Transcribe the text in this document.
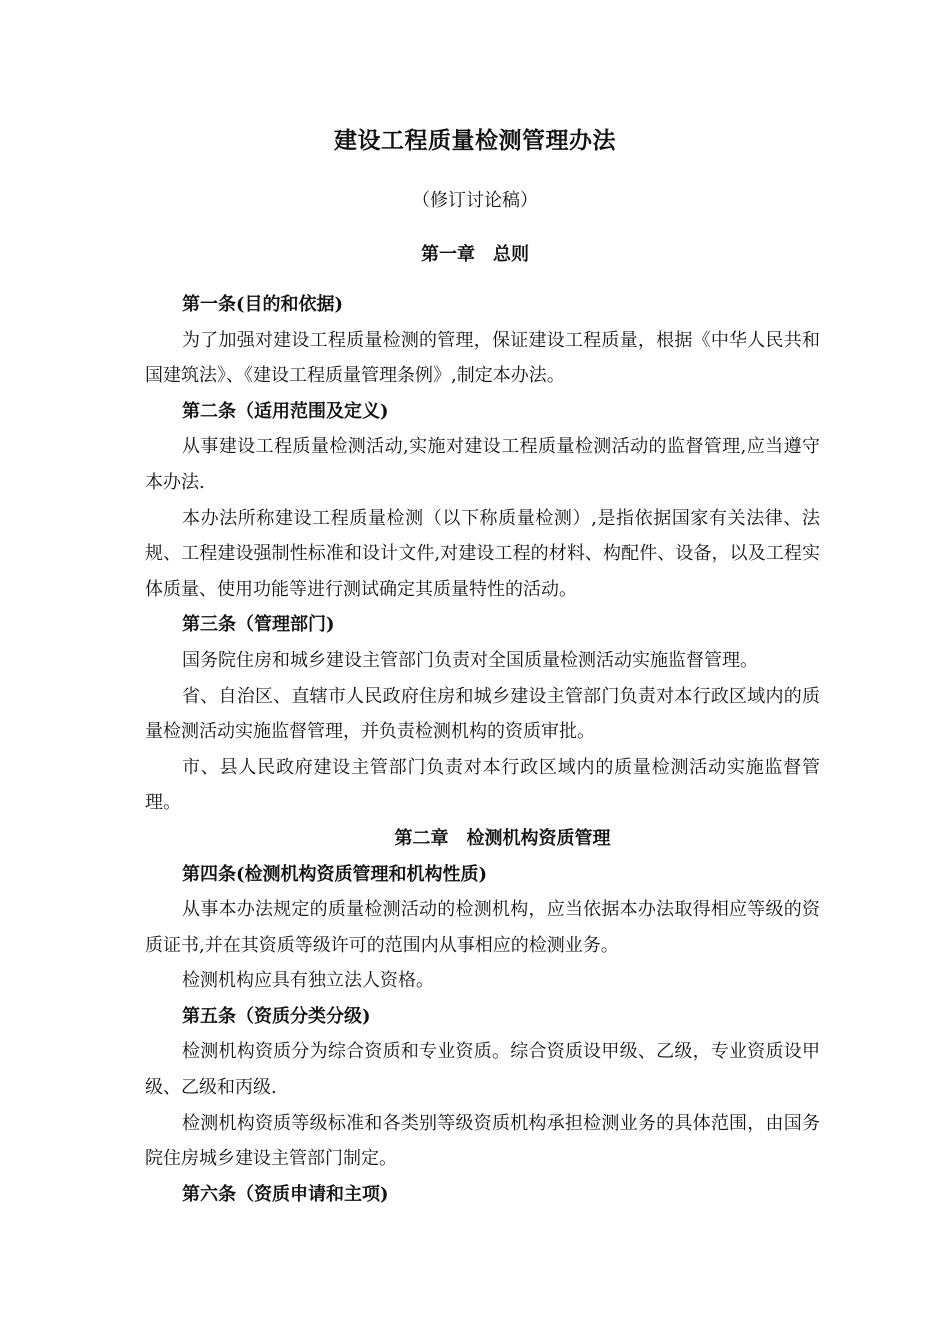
建设工程质量检测管理办法
（修订讨论稿）
第一章　总则

第一条(目的和依据)

为了加强对建设工程质量检测的管理，保证建设工程质量，根据《中华人民共和国建筑法》、《建设工程质量管理条例》,制定本办法。

第二条（适用范围及定义)

从事建设工程质量检测活动,实施对建设工程质量检测活动的监督管理,应当遵守本办法.

本办法所称建设工程质量检测（以下称质量检测）,是指依据国家有关法律、法规、工程建设强制性标准和设计文件,对建设工程的材料、构配件、设备，以及工程实体质量、使用功能等进行测试确定其质量特性的活动。

第三条（管理部门)

国务院住房和城乡建设主管部门负责对全国质量检测活动实施监督管理。

省、自治区、直辖市人民政府住房和城乡建设主管部门负责对本行政区域内的质量检测活动实施监督管理，并负责检测机构的资质审批。

市、县人民政府建设主管部门负责对本行政区域内的质量检测活动实施监督管理。

第二章　检测机构资质管理

第四条(检测机构资质管理和机构性质)

从事本办法规定的质量检测活动的检测机构，应当依据本办法取得相应等级的资质证书,并在其资质等级许可的范围内从事相应的检测业务。

检测机构应具有独立法人资格。

第五条（资质分类分级)

检测机构资质分为综合资质和专业资质。综合资质设甲级、乙级，专业资质设甲级、乙级和丙级.

检测机构资质等级标准和各类别等级资质机构承担检测业务的具体范围，由国务院住房城乡建设主管部门制定。

第六条（资质申请和主项)
